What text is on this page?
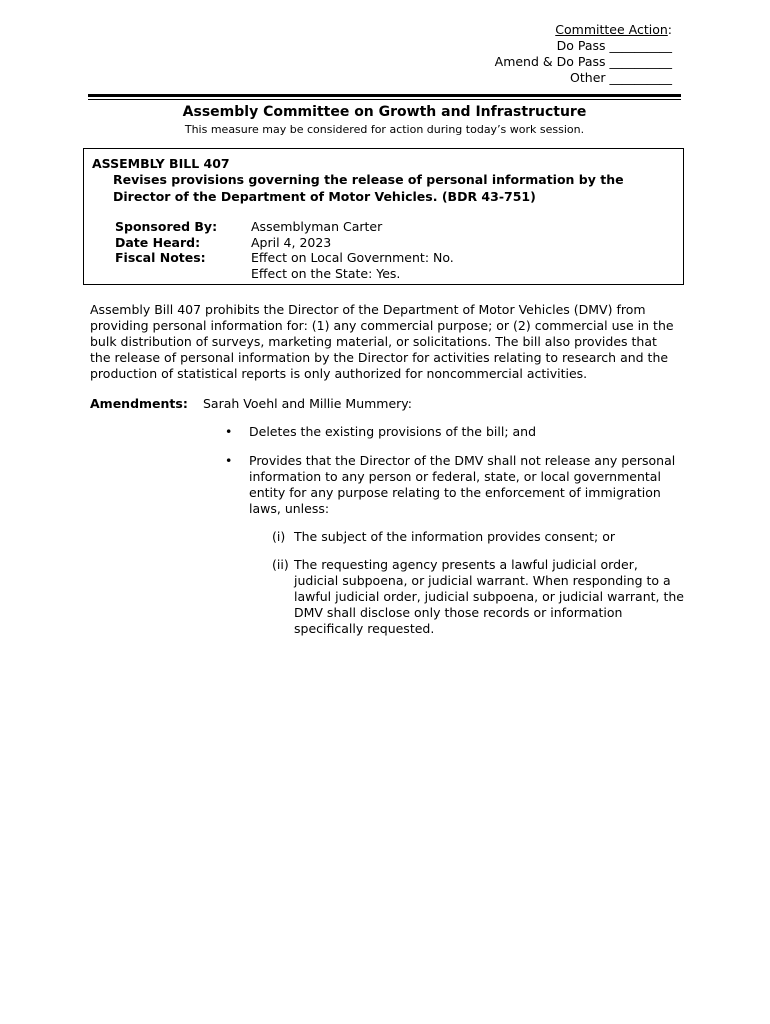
Committee Action:
Do Pass __________
Amend & Do Pass __________
Other __________
Assembly Committee on Growth and Infrastructure
This measure may be considered for action during today’s work session.
ASSEMBLY BILL 407
Revises provisions governing the release of personal information by the Director of the Department of Motor Vehicles. (BDR 43-751)
Sponsored By:	Assemblyman Carter
Date Heard:	April 4, 2023
Fiscal Notes:	Effect on Local Government: No.
Effect on the State: Yes.
Assembly Bill 407 prohibits the Director of the Department of Motor Vehicles (DMV) from providing personal information for: (1) any commercial purpose; or (2) commercial use in the bulk distribution of surveys, marketing material, or solicitations. The bill also provides that the release of personal information by the Director for activities relating to research and the production of statistical reports is only authorized for noncommercial activities.
Amendments: Sarah Voehl and Millie Mummery:
• Deletes the existing provisions of the bill; and
• Provides that the Director of the DMV shall not release any personal information to any person or federal, state, or local governmental entity for any purpose relating to the enforcement of immigration laws, unless:
(i) The subject of the information provides consent; or
(ii) The requesting agency presents a lawful judicial order, judicial subpoena, or judicial warrant. When responding to a lawful judicial order, judicial subpoena, or judicial warrant, the DMV shall disclose only those records or information specifically requested.
